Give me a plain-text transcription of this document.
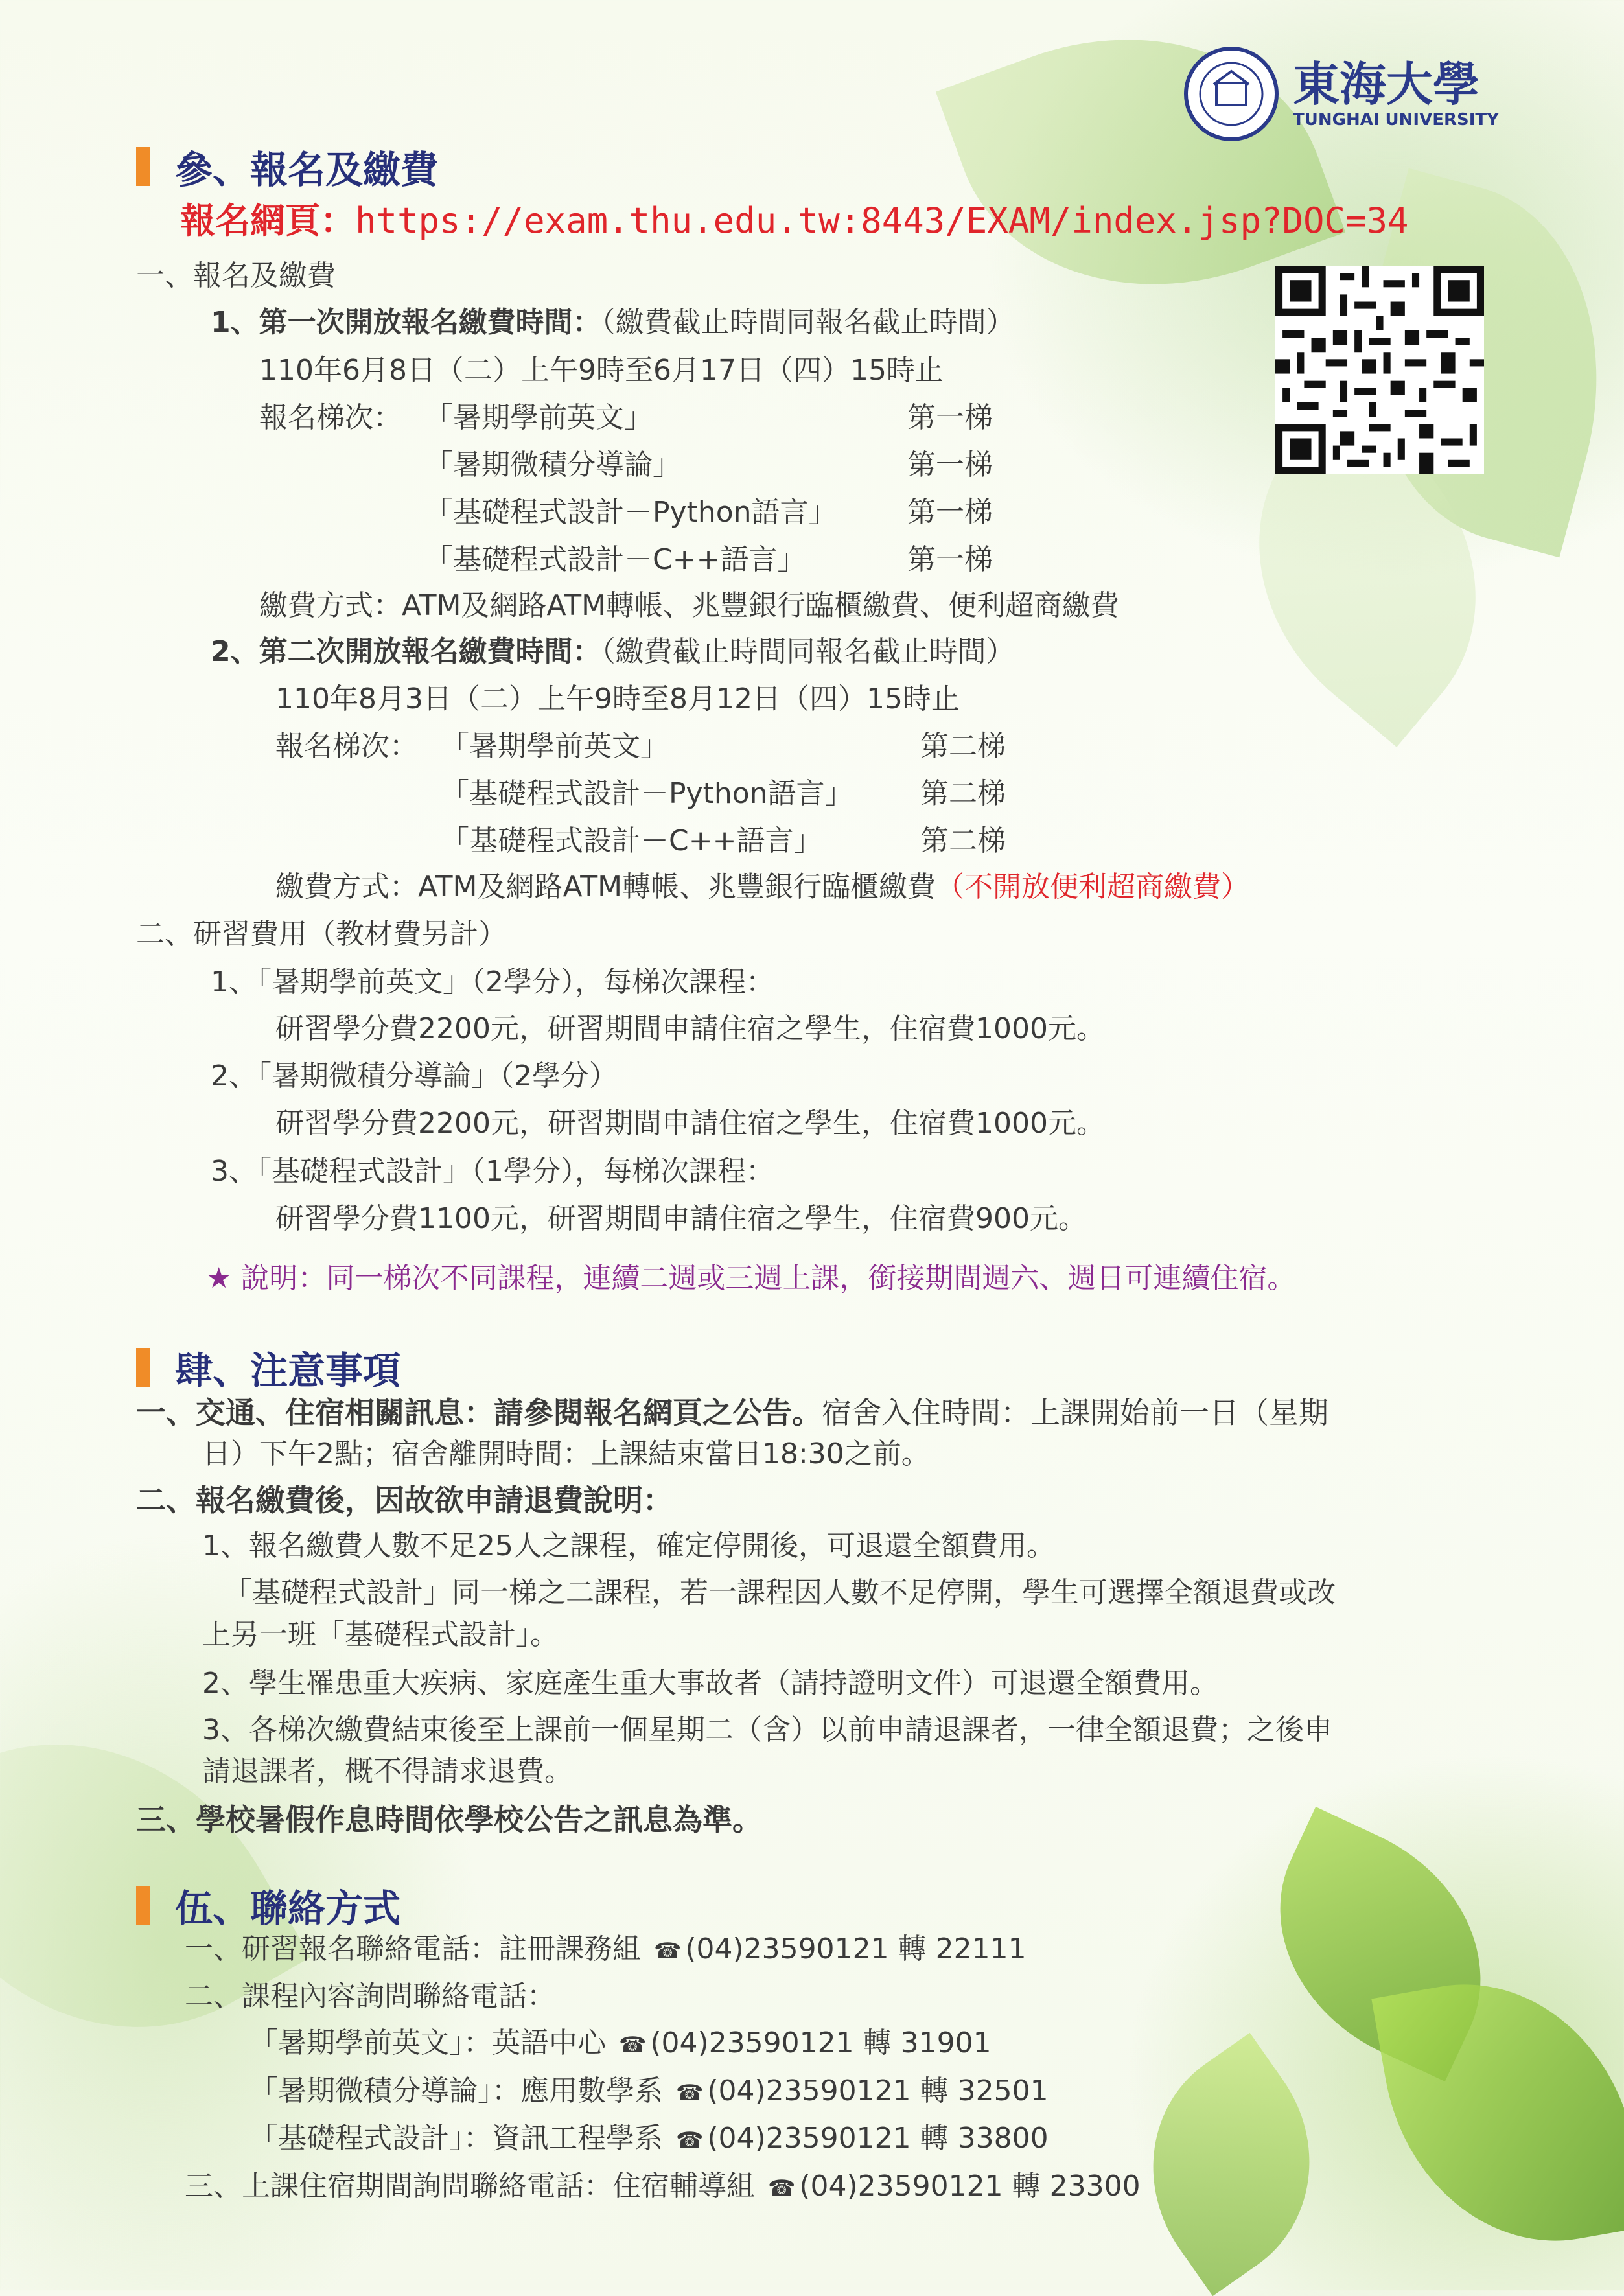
東海大學
TUNGHAI UNIVERSITY
參、報名及繳費
報名網頁：https://exam.thu.edu.tw:8443/EXAM/index.jsp?DOC=34
一、報名及繳費
1、第一次開放報名繳費時間：（繳費截止時間同報名截止時間）
110年6月8日（二）上午9時至6月17日（四）15時止
報名梯次： 「暑期學前英文」	第一梯
「暑期微積分導論」	第一梯
「基礎程式設計－Python語言」 第一梯
「基礎程式設計－C++語言」	第一梯
繳費方式：ATM及網路ATM轉帳、兆豐銀行臨櫃繳費、便利超商繳費
2、第二次開放報名繳費時間：（繳費截止時間同報名截止時間）
110年8月3日（二）上午9時至8月12日（四）15時止
報名梯次： 「暑期學前英文」	第二梯
「基礎程式設計－Python語言」 第二梯
「基礎程式設計－C++語言」	第二梯
繳費方式：ATM及網路ATM轉帳、兆豐銀行臨櫃繳費（不開放便利超商繳費）
二、研習費用（教材費另計）
1、「暑期學前英文」（2學分），每梯次課程：
研習學分費2200元，研習期間申請住宿之學生，住宿費1000元。
2、「暑期微積分導論」（2學分）
研習學分費2200元，研習期間申請住宿之學生，住宿費1000元。
3、「基礎程式設計」（1學分），每梯次課程：
研習學分費1100元，研習期間申請住宿之學生，住宿費900元。
★ 說明：同一梯次不同課程，連續二週或三週上課，銜接期間週六、週日可連續住宿。
肆、注意事項
一、交通、住宿相關訊息：請參閱報名網頁之公告。宿舍入住時間：上課開始前一日（星期
日）下午2點；宿舍離開時間：上課結束當日18:30之前。
二、報名繳費後，因故欲申請退費說明：
1、報名繳費人數不足25人之課程，確定停開後，可退還全額費用。
「基礎程式設計」同一梯之二課程，若一課程因人數不足停開，學生可選擇全額退費或改
上另一班「基礎程式設計」。
2、學生罹患重大疾病、家庭產生重大事故者（請持證明文件）可退還全額費用。
3、各梯次繳費結束後至上課前一個星期二（含）以前申請退課者，一律全額退費；之後申
請退課者，概不得請求退費。
三、學校暑假作息時間依學校公告之訊息為準。
伍、聯絡方式
一、研習報名聯絡電話：註冊課務組 ☎ (04)23590121 轉 22111
二、課程內容詢問聯絡電話：
「暑期學前英文」：英語中心 ☎ (04)23590121 轉 31901
「暑期微積分導論」：應用數學系 ☎ (04)23590121 轉 32501
「基礎程式設計」：資訊工程學系 ☎ (04)23590121 轉 33800
三、上課住宿期間詢問聯絡電話：住宿輔導組 ☎ (04)23590121 轉 23300
